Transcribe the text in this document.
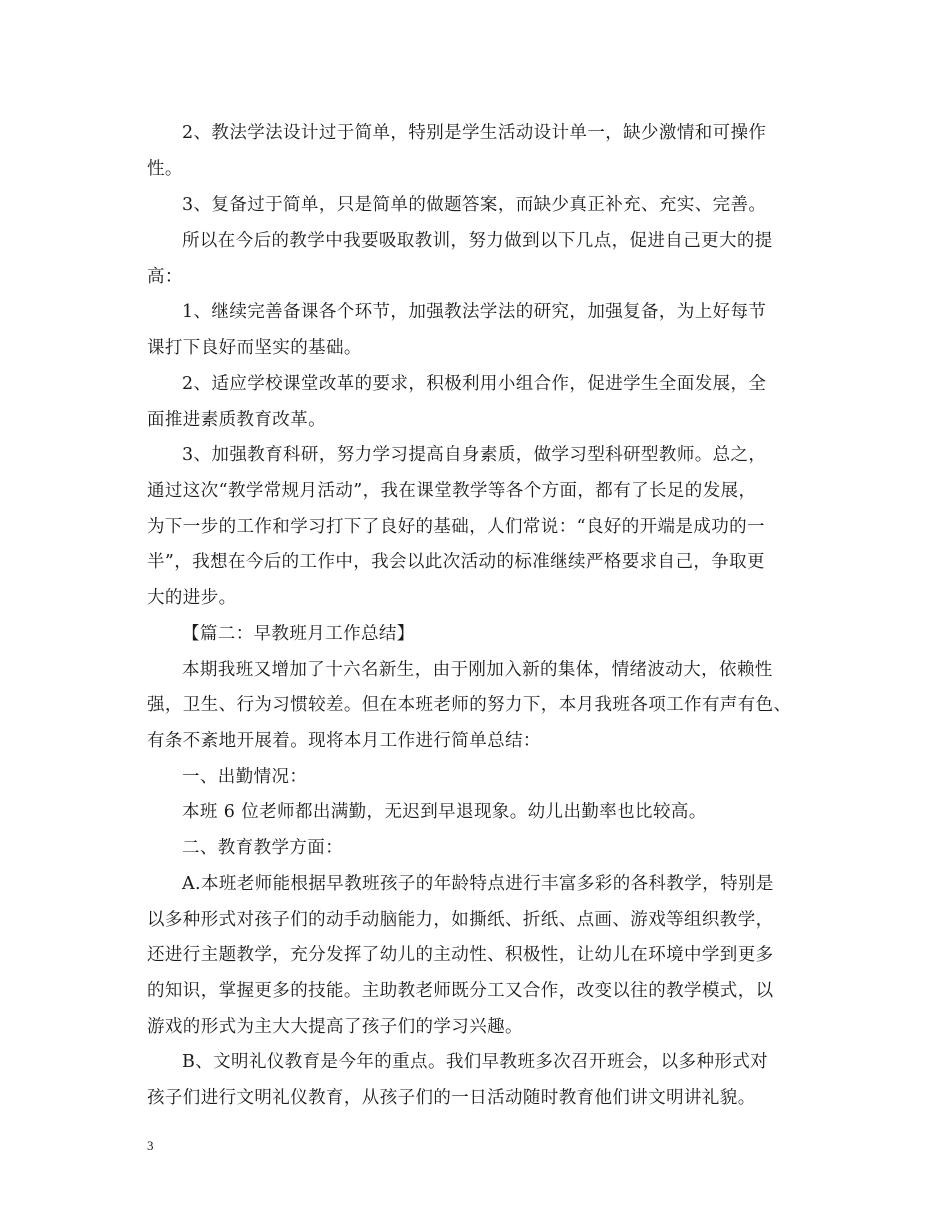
2、教法学法设计过于简单，特别是学生活动设计单一，缺少激情和可操作
性。
3、复备过于简单，只是简单的做题答案，而缺少真正补充、充实、完善。
所以在今后的教学中我要吸取教训，努力做到以下几点，促进自己更大的提
高：
1、继续完善备课各个环节，加强教法学法的研究，加强复备，为上好每节
课打下良好而坚实的基础。
2、适应学校课堂改革的要求，积极利用小组合作，促进学生全面发展，全
面推进素质教育改革。
3、加强教育科研，努力学习提高自身素质，做学习型科研型教师。总之，
通过这次“教学常规月活动”，我在课堂教学等各个方面，都有了长足的发展，
为下一步的工作和学习打下了良好的基础，人们常说：“良好的开端是成功的一
半”，我想在今后的工作中，我会以此次活动的标准继续严格要求自己，争取更
大的进步。
【篇二：早教班月工作总结】
本期我班又增加了十六名新生，由于刚加入新的集体，情绪波动大，依赖性
强，卫生、行为习惯较差。但在本班老师的努力下，本月我班各项工作有声有色、
有条不紊地开展着。现将本月工作进行简单总结：
一、出勤情况：
本班 6 位老师都出满勤，无迟到早退现象。幼儿出勤率也比较高。
二、教育教学方面：
A.本班老师能根据早教班孩子的年龄特点进行丰富多彩的各科教学，特别是
以多种形式对孩子们的动手动脑能力，如撕纸、折纸、点画、游戏等组织教学，
还进行主题教学，充分发挥了幼儿的主动性、积极性，让幼儿在环境中学到更多
的知识，掌握更多的技能。主助教老师既分工又合作，改变以往的教学模式，以
游戏的形式为主大大提高了孩子们的学习兴趣。
B、文明礼仪教育是今年的重点。我们早教班多次召开班会，以多种形式对
孩子们进行文明礼仪教育，从孩子们的一日活动随时教育他们讲文明讲礼貌。
3
